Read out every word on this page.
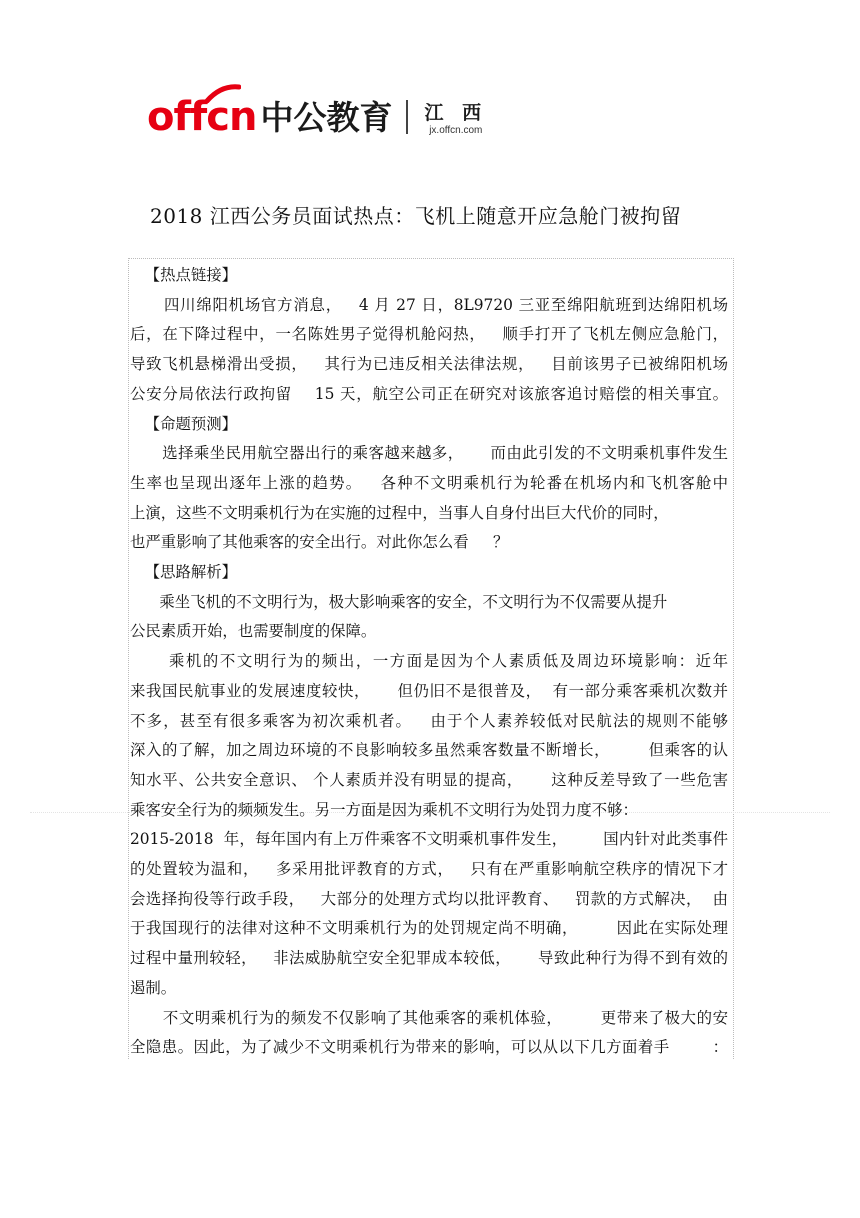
offcn 中公教育 江 西
jx.offcn.com
2018 江西公务员面试热点：飞机上随意开应急舱门被拘留
【热点链接】
四川绵阳机场官方消息，   4 月 27 日，8L9720 三亚至绵阳航班到达绵阳机场
后，在下降过程中，一名陈姓男子觉得机舱闷热，   顺手打开了飞机左侧应急舱门，
导致飞机悬梯滑出受损，   其行为已违反相关法律法规，   目前该男子已被绵阳机场
公安分局依法行政拘留    15 天，航空公司正在研究对该旅客追讨赔偿的相关事宜。
【命题预测】
选择乘坐民用航空器出行的乘客越来越多，     而由此引发的不文明乘机事件发生
生率也呈现出逐年上涨的趋势。   各种不文明乘机行为轮番在机场内和飞机客舱中
上演，这些不文明乘机行为在实施的过程中，当事人自身付出巨大代价的同时，
也严重影响了其他乘客的安全出行。对此你怎么看     ？
【思路解析】
乘坐飞机的不文明行为，极大影响乘客的安全，不文明行为不仅需要从提升
公民素质开始，也需要制度的保障。
乘机的不文明行为的频出，一方面是因为个人素质低及周边环境影响：近年
来我国民航事业的发展速度较快，     但仍旧不是很普及，  有一部分乘客乘机次数并
不多，甚至有很多乘客为初次乘机者。   由于个人素养较低对民航法的规则不能够
深入的了解，加之周边环境的不良影响较多虽然乘客数量不断增长，       但乘客的认
知水平、公共安全意识、 个人素质并没有明显的提高，     这种反差导致了一些危害
乘客安全行为的频频发生。另一方面是因为乘机不文明行为处罚力度不够：
2015-2018  年，每年国内有上万件乘客不文明乘机事件发生，       国内针对此类事件
的处置较为温和，   多采用批评教育的方式，   只有在严重影响航空秩序的情况下才
会选择拘役等行政手段，   大部分的处理方式均以批评教育、   罚款的方式解决，  由
于我国现行的法律对这种不文明乘机行为的处罚规定尚不明确，       因此在实际处理
过程中量刑较轻，   非法威胁航空安全犯罪成本较低，     导致此种行为得不到有效的
遏制。
不文明乘机行为的频发不仅影响了其他乘客的乘机体验，       更带来了极大的安
全隐患。因此，为了减少不文明乘机行为带来的影响，可以从以下几方面着手        ：
